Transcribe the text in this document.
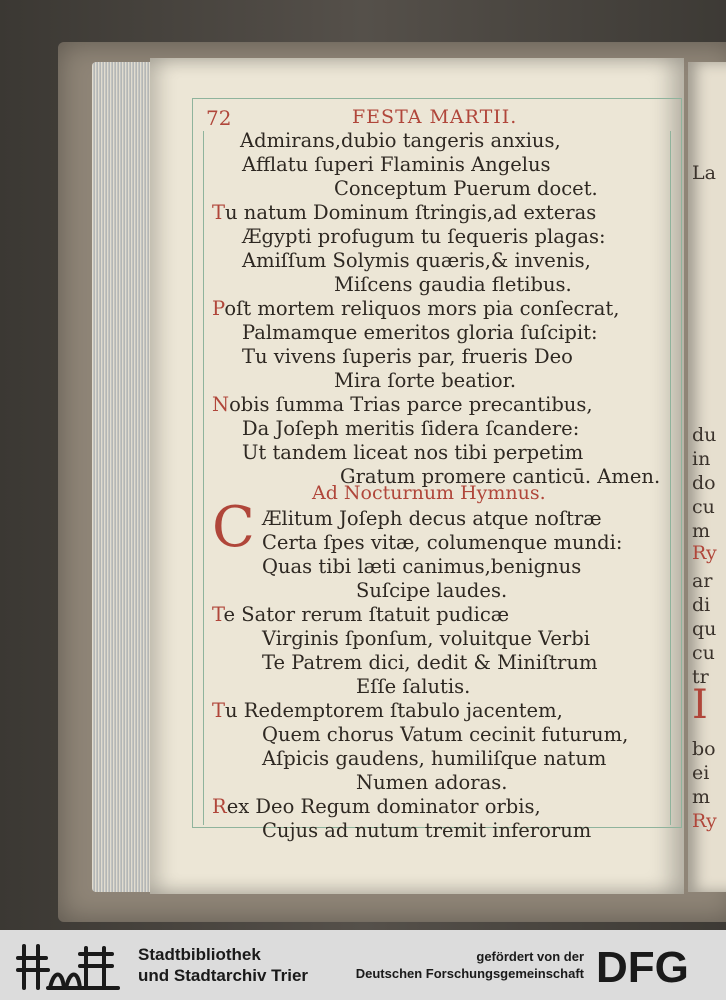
La
du
in
do
cu
m
Ry
ar
di
qu
cu
tr
I
bo
ei
m
Ry
72	FESTA MARTII.
Admirans,dubio tangeris anxius,
Afflatu ſuperi Flaminis Angelus
Conceptum Puerum docet.
Tu natum Dominum ſtringis,ad exteras
Ægypti profugum tu ſequeris plagas:
Amiſſum Solymis quæris,& invenis,
Miſcens gaudia fletibus.
Poſt mortem reliquos mors pia conſecrat,
Palmamque emeritos gloria ſuſcipit:
Tu vivens ſuperis par, frueris Deo
Mira ſorte beatior.
Nobis ſumma Trias parce precantibus,
Da Joſeph meritis ſidera ſcandere:
Ut tandem liceat nos tibi perpetim
Gratum promere canticū. Amen.
Ad Nocturnum Hymnus.
C Ælitum Joſeph decus atque noſtræ
Certa ſpes vitæ, columenque mundi:
Quas tibi læti canimus,benignus
Suſcipe laudes.
Te Sator rerum ſtatuit pudicæ
Virginis ſponſum, voluitque Verbi
Te Patrem dici, dedit & Miniſtrum
Eſſe ſalutis.
Tu Redemptorem ſtabulo jacentem,
Quem chorus Vatum cecinit futurum,
Aſpicis gaudens, humiliſque natum
Numen adoras.
Rex Deo Regum dominator orbis,
Cujus ad nutum tremit inferorum
Stadtbibliothek
und Stadtarchiv Trier
gefördert von der
Deutschen Forschungsgemeinschaft DFG
